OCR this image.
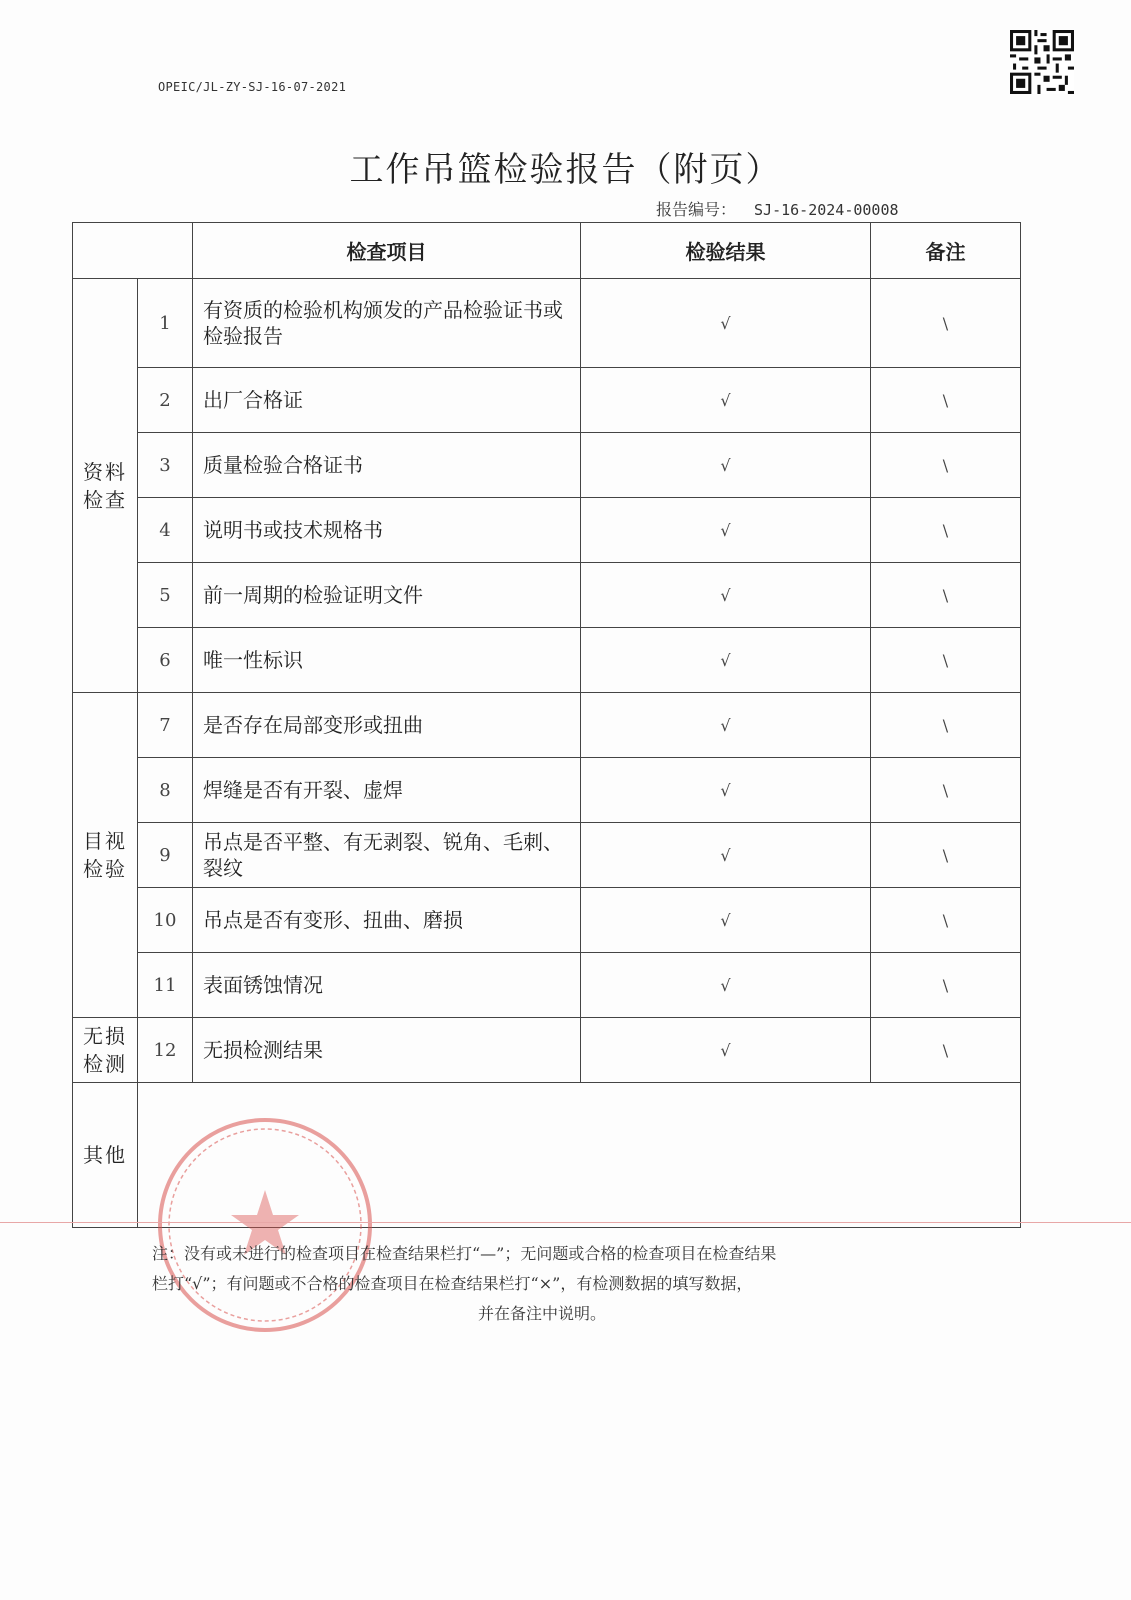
OPEIC/JL-ZY-SJ-16-07-2021
工作吊篮检验报告（附页）
报告编号： SJ-16-2024-00008
		检查项目	检验结果	备注
资料
检查	1	有资质的检验机构颁发的产品检验证书或检验报告	√	\
	2	出厂合格证	√	\
	3	质量检验合格证书	√	\
	4	说明书或技术规格书	√	\
	5	前一周期的检验证明文件	√	\
	6	唯一性标识	√	\
目视
检验	7	是否存在局部变形或扭曲	√	\
	8	焊缝是否有开裂、虚焊	√	\
	9	吊点是否平整、有无剥裂、锐角、毛刺、裂纹	√	\
	10	吊点是否有变形、扭曲、磨损	√	\
	11	表面锈蚀情况	√	\
无损
检测	12	无损检测结果	√	\
其他				

注：没有或未进行的检查项目在检查结果栏打“—”；无问题或合格的检查项目在检查结果

栏打“√”；有问题或不合格的检查项目在检查结果栏打“×”，有检测数据的填写数据，

并在备注中说明。
